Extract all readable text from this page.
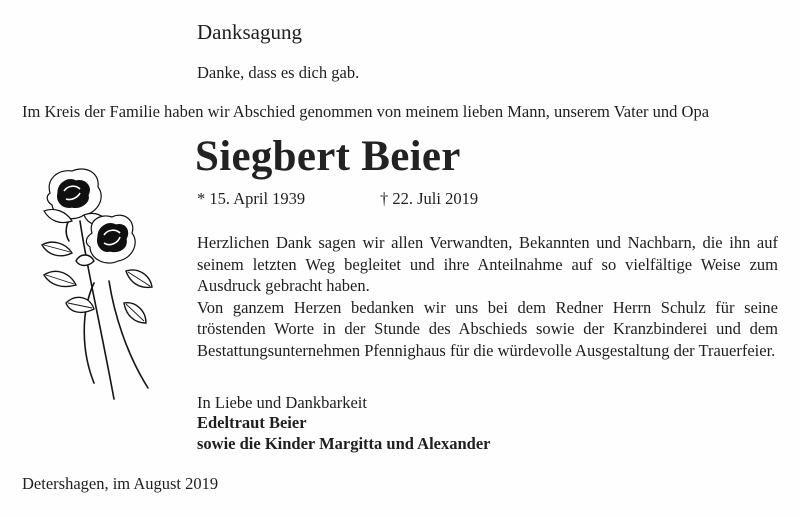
Danksagung
Danke, dass es dich gab.
Im Kreis der Familie haben wir Abschied genommen von meinem lieben Mann, unserem Vater und Opa
Siegbert Beier
* 15. April 1939	† 22. Juli 2019

Herzlichen Dank sagen wir allen Verwandten, Bekannten und Nachbarn, die ihn auf seinem letzten Weg begleitet und ihre Anteilnahme auf so vielfältige Weise zum Ausdruck gebracht haben.

Von ganzem Herzen bedanken wir uns bei dem Redner Herrn Schulz für seine tröstenden Worte in der Stunde des Abschieds sowie der Kranzbinderei und dem Bestattungsunternehmen Pfennighaus für die würdevolle Ausgestaltung der Trauerfeier.

In Liebe und Dankbarkeit
Edeltraut Beier
sowie die Kinder Margitta und Alexander
Detershagen, im August 2019
